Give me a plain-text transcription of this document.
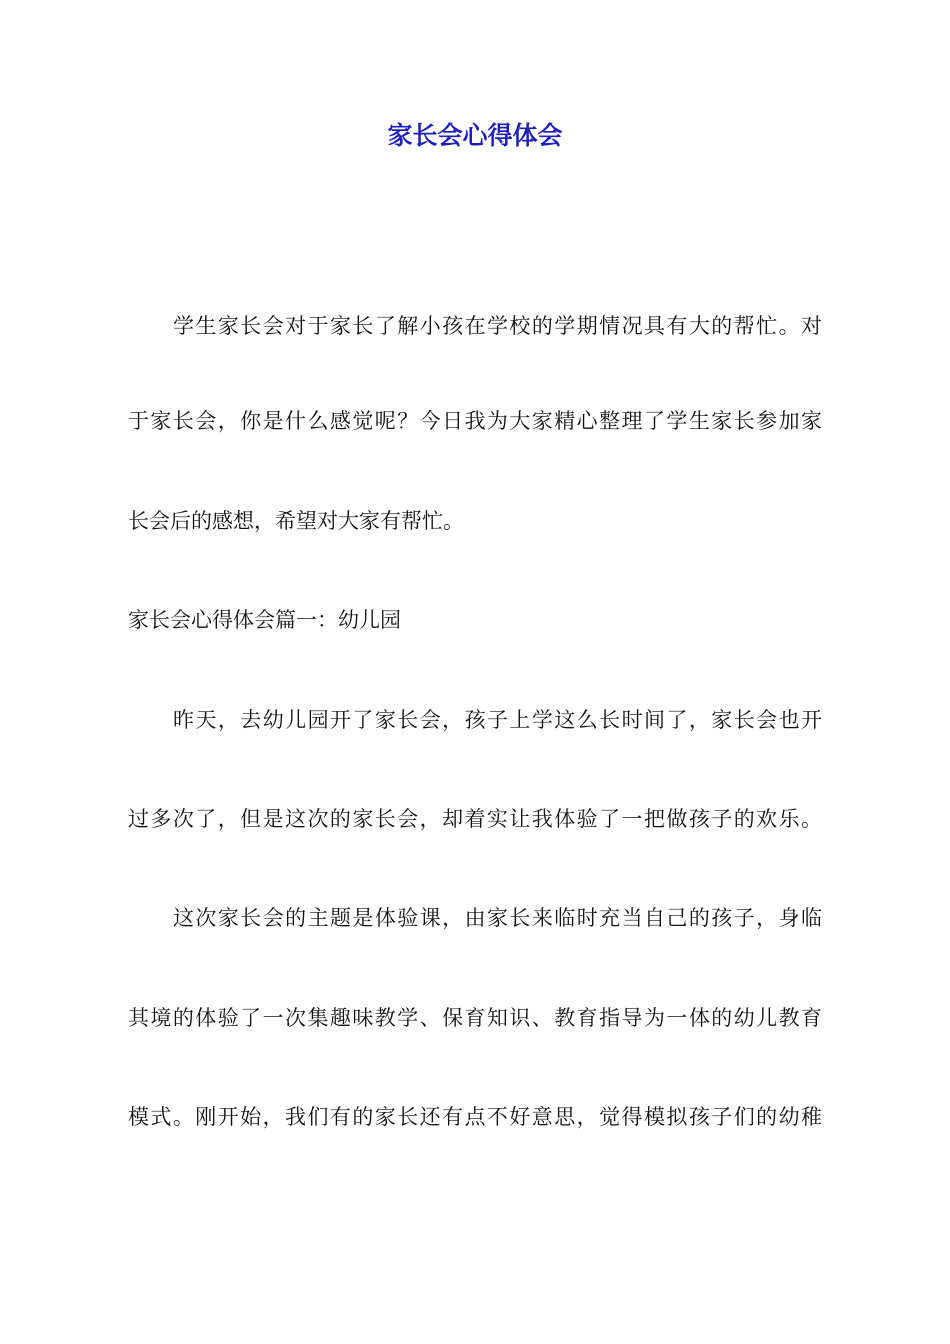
家长会心得体会
学生家长会对于家长了解小孩在学校的学期情况具有大的帮忙。对
于家长会，你是什么感觉呢？今日我为大家精心整理了学生家长参加家
长会后的感想，希望对大家有帮忙。
家长会心得体会篇一：幼儿园
昨天，去幼儿园开了家长会，孩子上学这么长时间了，家长会也开
过多次了，但是这次的家长会，却着实让我体验了一把做孩子的欢乐。
这次家长会的主题是体验课，由家长来临时充当自己的孩子，身临
其境的体验了一次集趣味教学、保育知识、教育指导为一体的幼儿教育
模式。刚开始，我们有的家长还有点不好意思，觉得模拟孩子们的幼稚
